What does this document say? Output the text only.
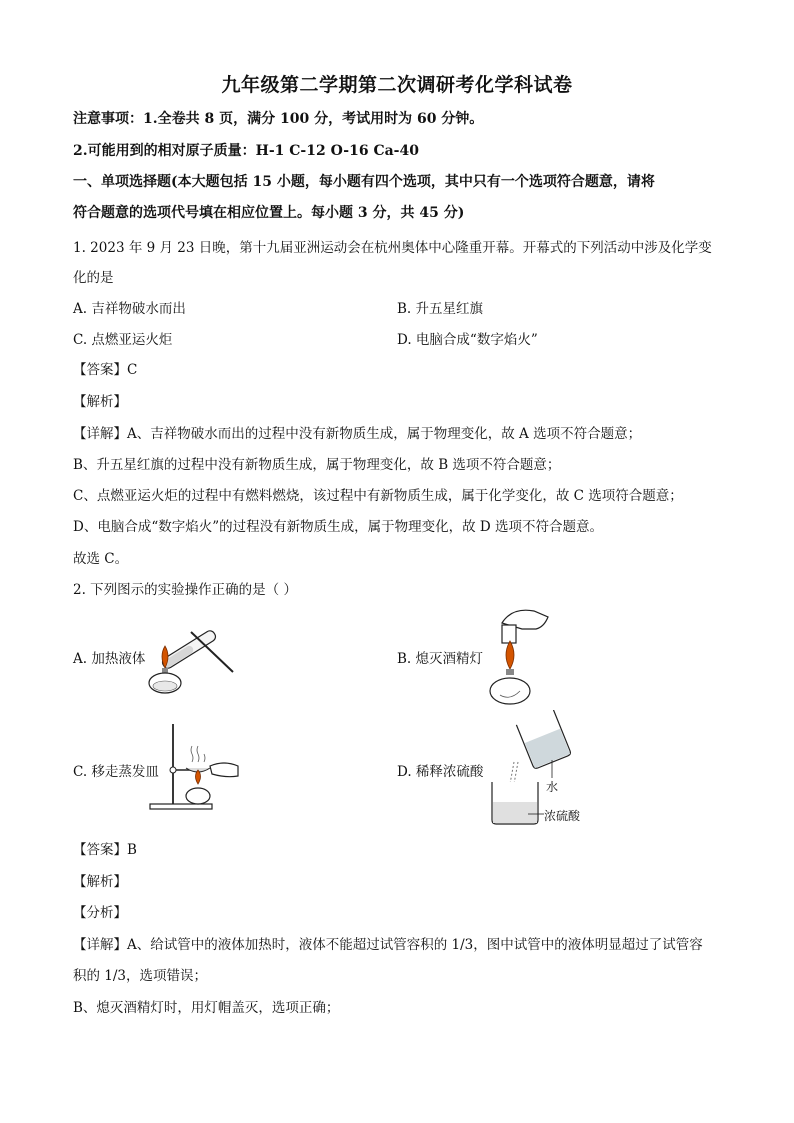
九年级第二学期第二次调研考化学科试卷
注意事项：1.全卷共 8 页，满分 100 分，考试用时为 60 分钟。
2.可能用到的相对原子质量：H-1 C-12 O-16 Ca-40
一、单项选择题(本大题包括 15 小题，每小题有四个选项，其中只有一个选项符合题意，请将
符合题意的选项代号填在相应位置上。每小题 3 分，共 45 分)
1. 2023 年 9 月 23 日晚，第十九届亚洲运动会在杭州奥体中心隆重开幕。开幕式的下列活动中涉及化学变
化的是
A. 吉祥物破水而出	B. 升五星红旗
C. 点燃亚运火炬	D. 电脑合成“数字焰火”
【答案】C
【解析】
【详解】A、吉祥物破水而出的过程中没有新物质生成，属于物理变化，故 A 选项不符合题意；
B、升五星红旗的过程中没有新物质生成，属于物理变化，故 B 选项不符合题意；
C、点燃亚运火炬的过程中有燃料燃烧，该过程中有新物质生成，属于化学变化，故 C 选项符合题意；
D、电脑合成“数字焰火”的过程没有新物质生成，属于物理变化，故 D 选项不符合题意。
故选 C。
2. 下列图示的实验操作正确的是（ ）
A. 加热液体	B. 熄灭酒精灯
C. 移走蒸发皿	D. 稀释浓硫酸
水
浓硫酸
【答案】B
【解析】
【分析】
【详解】A、给试管中的液体加热时，液体不能超过试管容积的 1/3，图中试管中的液体明显超过了试管容
积的 1/3，选项错误；
B、熄灭酒精灯时，用灯帽盖灭，选项正确；
